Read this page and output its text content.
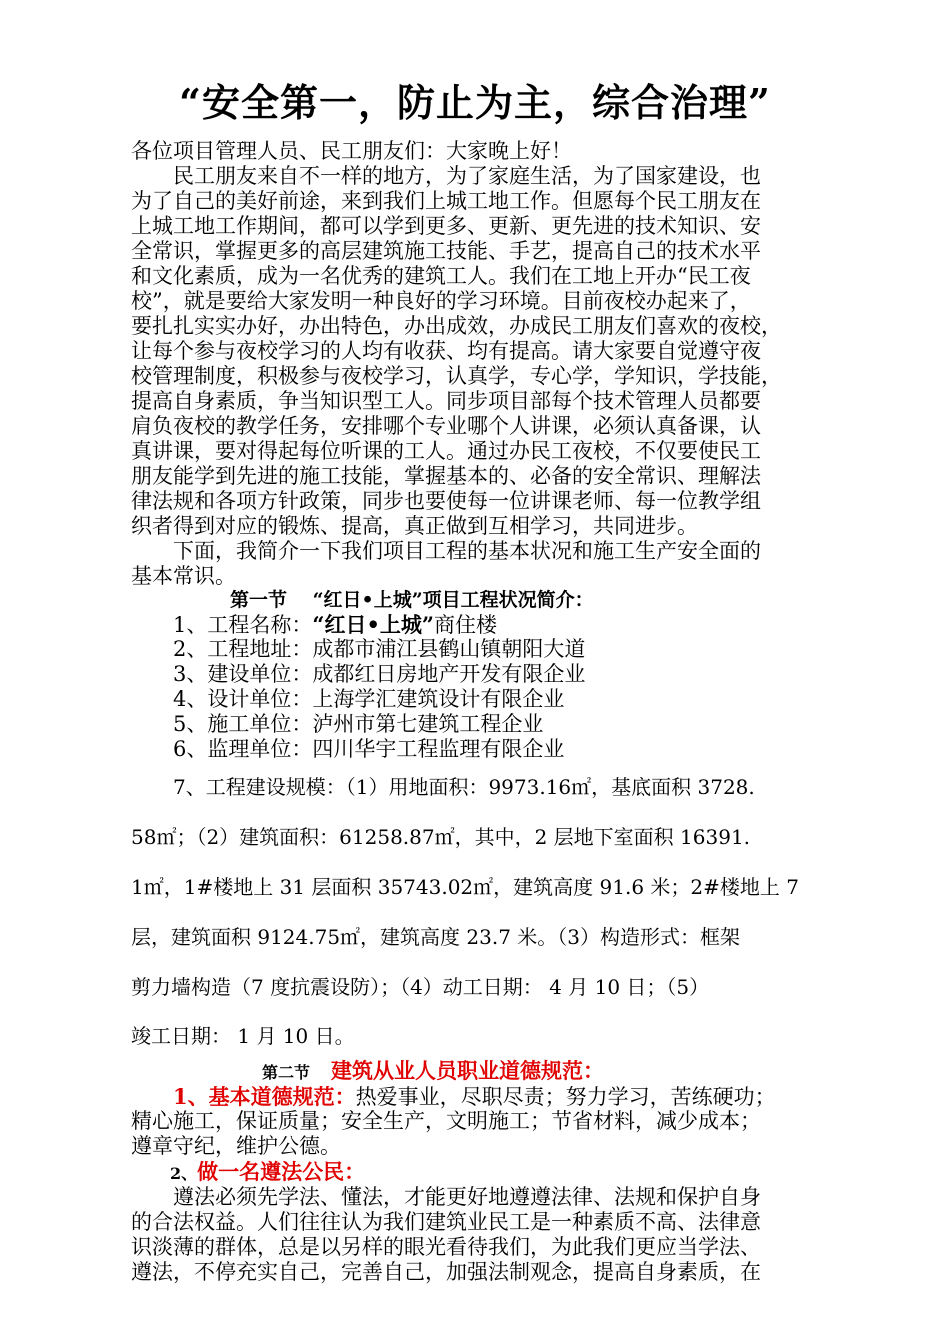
“安全第一，防止为主，综合治理”
各位项目管理人员、民工朋友们：大家晚上好！
　　民工朋友来自不一样的地方，为了家庭生活，为了国家建设，也
为了自己的美好前途，来到我们上城工地工作。但愿每个民工朋友在
上城工地工作期间，都可以学到更多、更新、更先进的技术知识、安
全常识，掌握更多的高层建筑施工技能、手艺，提高自己的技术水平
和文化素质，成为一名优秀的建筑工人。我们在工地上开办“民工夜
校”，就是要给大家发明一种良好的学习环境。目前夜校办起来了，
要扎扎实实办好，办出特色，办出成效，办成民工朋友们喜欢的夜校，
让每个参与夜校学习的人均有收获、均有提高。请大家要自觉遵守夜
校管理制度，积极参与夜校学习，认真学，专心学，学知识，学技能，
提高自身素质，争当知识型工人。同步项目部每个技术管理人员都要
肩负夜校的教学任务，安排哪个专业哪个人讲课，必须认真备课，认
真讲课，要对得起每位听课的工人。通过办民工夜校，不仅要使民工
朋友能学到先进的施工技能，掌握基本的、必备的安全常识、理解法
律法规和各项方针政策，同步也要使每一位讲课老师、每一位教学组
织者得到对应的锻炼、提高，真正做到互相学习，共同进步。
　　下面，我简介一下我们项目工程的基本状况和施工生产安全面的
基本常识。
第一节　 “红日•上城”项目工程状况简介：
1、工程名称：“红日•上城”商住楼
2、工程地址：成都市浦江县鹤山镇朝阳大道
3、建设单位：成都红日房地产开发有限企业
4、设计单位：上海学汇建筑设计有限企业
5、施工单位：泸州市第七建筑工程企业
6、监理单位：四川华宇工程监理有限企业
7、工程建设规模：（1）用地面积：9973.16㎡，基底面积 3728.
58㎡；（2）建筑面积：61258.87㎡，其中，2 层地下室面积 16391.
1㎡，1#楼地上 31 层面积 35743.02㎡，建筑高度 91.6 米；2#楼地上 7
层，建筑面积 9124.75㎡，建筑高度 23.7 米。（3）构造形式：框架
剪力墙构造（7 度抗震设防）；（4）动工日期： 4 月 10 日；（5）
竣工日期： 1 月 10 日。
第二节　 建筑从业人员职业道德规范：
1、基本道德规范：热爱事业，尽职尽责；努力学习，苦练硬功；
精心施工，保证质量；安全生产，文明施工；节省材料，减少成本；
遵章守纪，维护公德。
2、做一名遵法公民：
　　遵法必须先学法、懂法，才能更好地遵遵法律、法规和保护自身
的合法权益。人们往往认为我们建筑业民工是一种素质不高、法律意
识淡薄的群体，总是以另样的眼光看待我们，为此我们更应当学法、
遵法，不停充实自己，完善自己，加强法制观念，提高自身素质，在
